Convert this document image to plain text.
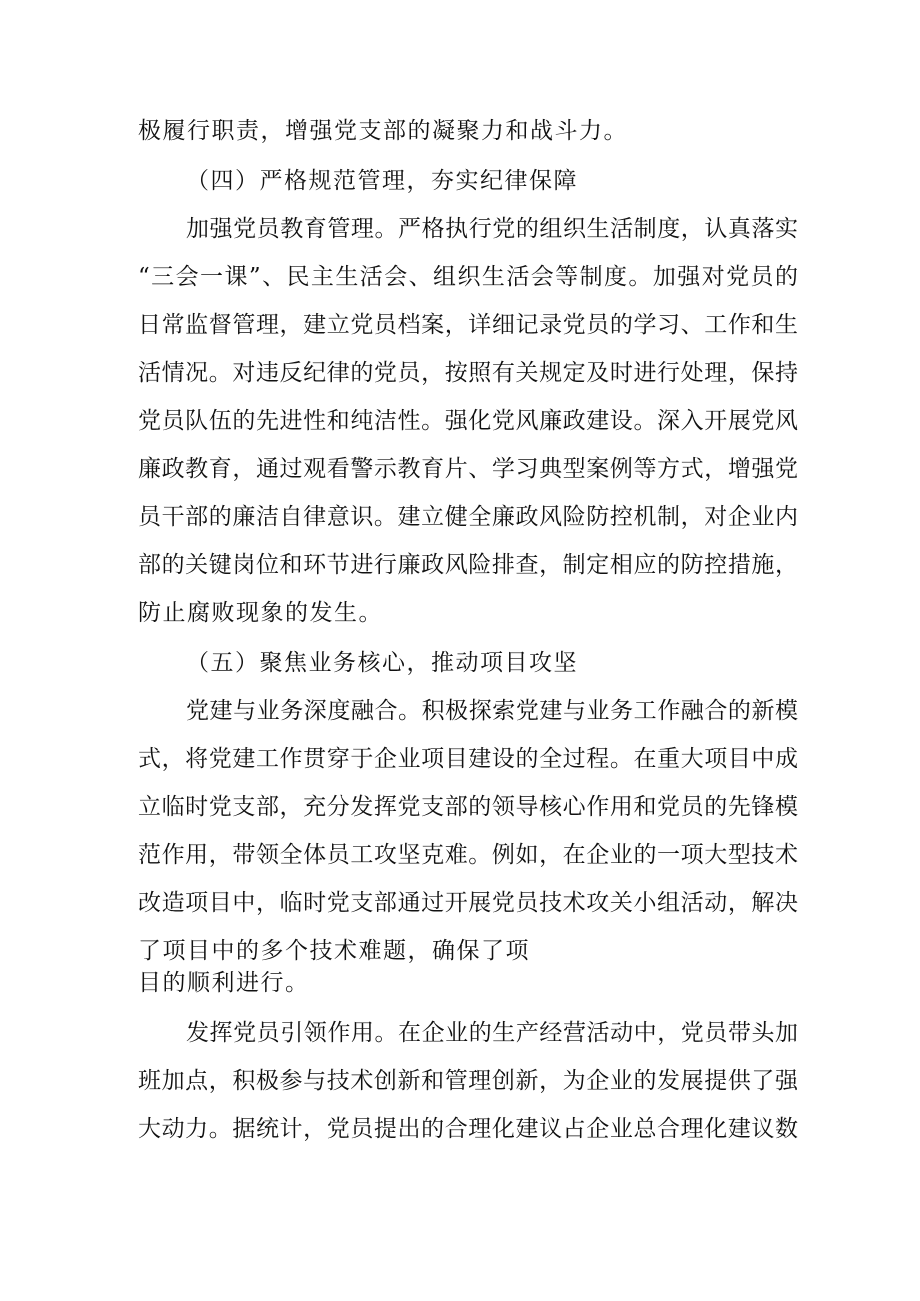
极履行职责，增强党支部的凝聚力和战斗力。
（四）严格规范管理，夯实纪律保障
加强党员教育管理。严格执行党的组织生活制度，认真落实
“三会一课”、民主生活会、组织生活会等制度。加强对党员的
日常监督管理，建立党员档案，详细记录党员的学习、工作和生
活情况。对违反纪律的党员，按照有关规定及时进行处理，保持
党员队伍的先进性和纯洁性。强化党风廉政建设。深入开展党风
廉政教育，通过观看警示教育片、学习典型案例等方式，增强党
员干部的廉洁自律意识。建立健全廉政风险防控机制，对企业内
部的关键岗位和环节进行廉政风险排查，制定相应的防控措施，
防止腐败现象的发生。
（五）聚焦业务核心，推动项目攻坚
党建与业务深度融合。积极探索党建与业务工作融合的新模
式，将党建工作贯穿于企业项目建设的全过程。在重大项目中成
立临时党支部，充分发挥党支部的领导核心作用和党员的先锋模
范作用，带领全体员工攻坚克难。例如，在企业的一项大型技术
改造项目中，临时党支部通过开展党员技术攻关小组活动，解决
了项目中的多个技术难题，确保了项
目的顺利进行。
发挥党员引领作用。在企业的生产经营活动中，党员带头加
班加点，积极参与技术创新和管理创新，为企业的发展提供了强
大动力。据统计，党员提出的合理化建议占企业总合理化建议数
